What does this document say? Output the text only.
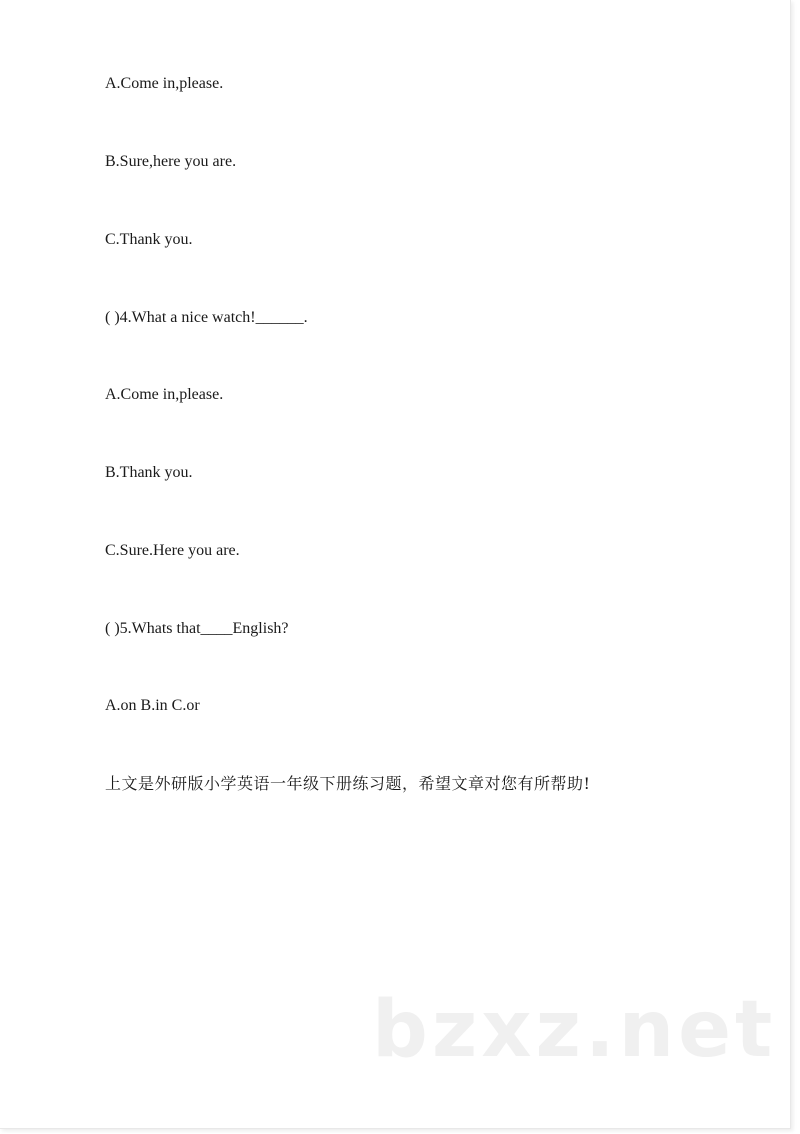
A.Come in,please.
B.Sure,here you are.
C.Thank you.
( )4.What a nice watch!______.
A.Come in,please.
B.Thank you.
C.Sure.Here you are.
( )5.Whats that____English?
A.on B.in C.or
上文是外研版小学英语一年级下册练习题，希望文章对您有所帮助!
bzxz.net
